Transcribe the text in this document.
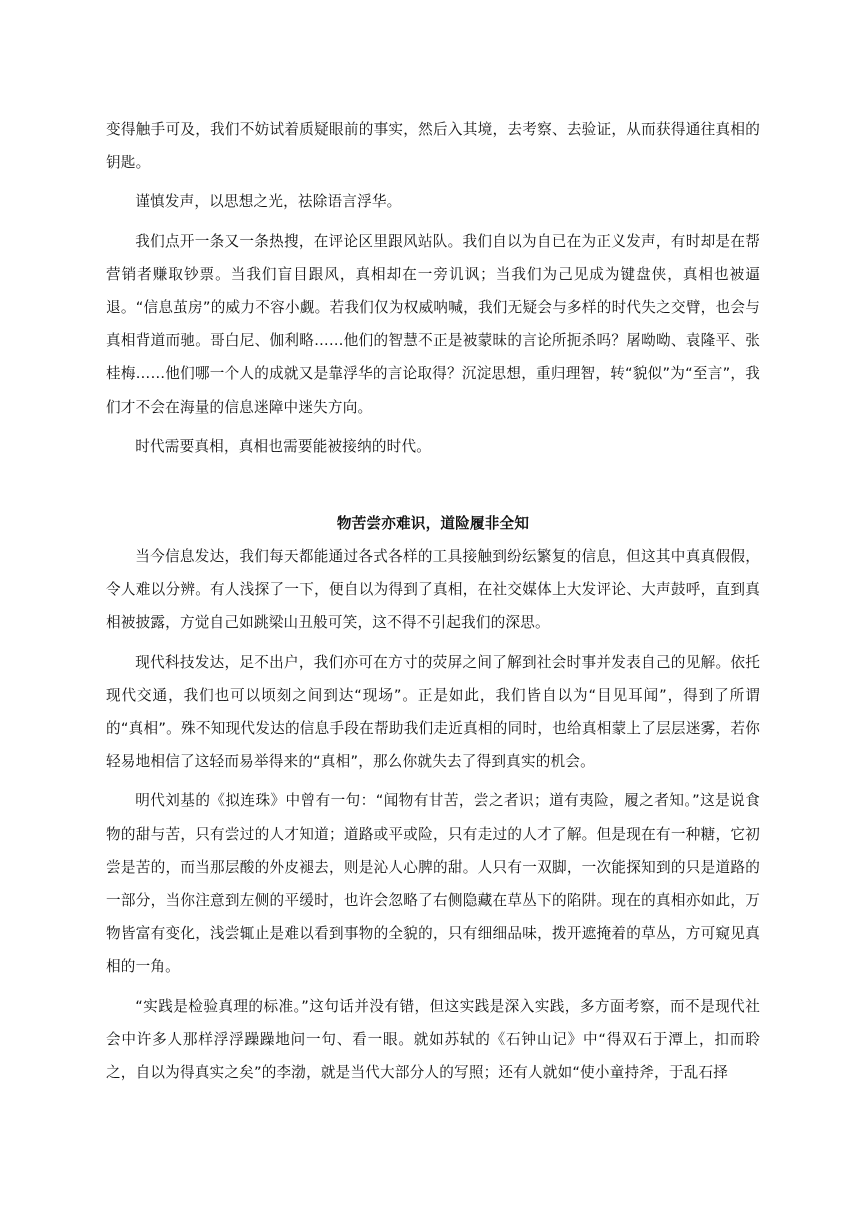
变得触手可及，我们不妨试着质疑眼前的事实，然后入其境，去考察、去验证，从而获得通往真相的钥匙。

谨慎发声，以思想之光，祛除语言浮华。

我们点开一条又一条热搜，在评论区里跟风站队。我们自以为自已在为正义发声，有时却是在帮营销者赚取钞票。当我们盲目跟风，真相却在一旁讥讽；当我们为己见成为键盘侠，真相也被逼退。“信息茧房”的威力不容小觑。若我们仅为权威呐喊，我们无疑会与多样的时代失之交臂，也会与真相背道而驰。哥白尼、伽利略……他们的智慧不正是被蒙昧的言论所扼杀吗？屠呦呦、袁隆平、张桂梅……他们哪一个人的成就又是靠浮华的言论取得？沉淀思想，重归理智，转“貌似”为“至言”，我们才不会在海量的信息迷障中迷失方向。

时代需要真相，真相也需要能被接纳的时代。

物苦尝亦难识，道险履非全知

当今信息发达，我们每天都能通过各式各样的工具接触到纷纭繁复的信息，但这其中真真假假，令人难以分辨。有人浅探了一下，便自以为得到了真相，在社交媒体上大发评论、大声鼓呼，直到真相被披露，方觉自己如跳梁山丑般可笑，这不得不引起我们的深思。

现代科技发达，足不出户，我们亦可在方寸的荧屏之间了解到社会时事并发表自己的见解。依托现代交通，我们也可以顷刻之间到达“现场”。正是如此，我们皆自以为“目见耳闻”，得到了所谓的“真相”。殊不知现代发达的信息手段在帮助我们走近真相的同时，也给真相蒙上了层层迷雾，若你轻易地相信了这轻而易举得来的“真相”，那么你就失去了得到真实的机会。

明代刘基的《拟连珠》中曾有一句：“闻物有甘苦，尝之者识；道有夷险，履之者知。”这是说食物的甜与苦，只有尝过的人才知道；道路或平或险，只有走过的人才了解。但是现在有一种糖，它初尝是苦的，而当那层酸的外皮褪去，则是沁人心脾的甜。人只有一双脚，一次能探知到的只是道路的一部分，当你注意到左侧的平缓时，也许会忽略了右侧隐藏在草丛下的陷阱。现在的真相亦如此，万物皆富有变化，浅尝辄止是难以看到事物的全貌的，只有细细品味，拨开遮掩着的草丛，方可窥见真相的一角。

“实践是检验真理的标准。”这句话并没有错，但这实践是深入实践，多方面考察，而不是现代社会中许多人那样浮浮躁躁地问一句、看一眼。就如苏轼的《石钟山记》中“得双石于潭上，扣而聆之，自以为得真实之矣”的李渤，就是当代大部分人的写照；还有人就如“使小童持斧，于乱石择
